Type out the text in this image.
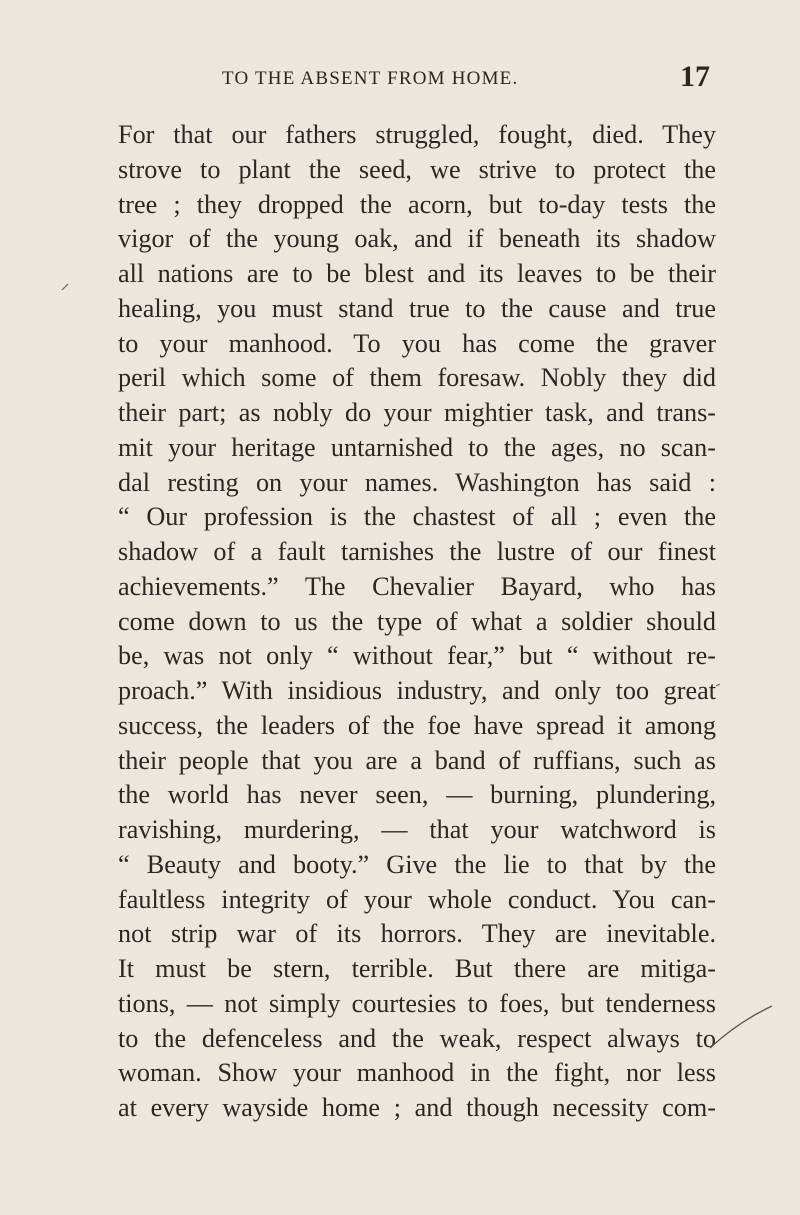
TO THE ABSENT FROM HOME.	17
For that our fathers struggled, fought, died. They
strove to plant the seed, we strive to protect the
tree ; they dropped the acorn, but to-day tests the
vigor of the young oak, and if beneath its shadow
all nations are to be blest and its leaves to be their
healing, you must stand true to the cause and true
to your manhood. To you has come the graver
peril which some of them foresaw. Nobly they did
their part; as nobly do your mightier task, and trans-
mit your heritage untarnished to the ages, no scan-
dal resting on your names. Washington has said :
“ Our profession is the chastest of all ; even the
shadow of a fault tarnishes the lustre of our finest
achievements.” The Chevalier Bayard, who has
come down to us the type of what a soldier should
be, was not only “ without fear,” but “ without re-
proach.” With insidious industry, and only too great
success, the leaders of the foe have spread it among
their people that you are a band of ruffians, such as
the world has never seen, — burning, plundering,
ravishing, murdering, — that your watchword is
“ Beauty and booty.” Give the lie to that by the
faultless integrity of your whole conduct. You can-
not strip war of its horrors. They are inevitable.
It must be stern, terrible. But there are mitiga-
tions, — not simply courtesies to foes, but tenderness
to the defenceless and the weak, respect always to
woman. Show your manhood in the fight, nor less
at every wayside home ; and though necessity com-
